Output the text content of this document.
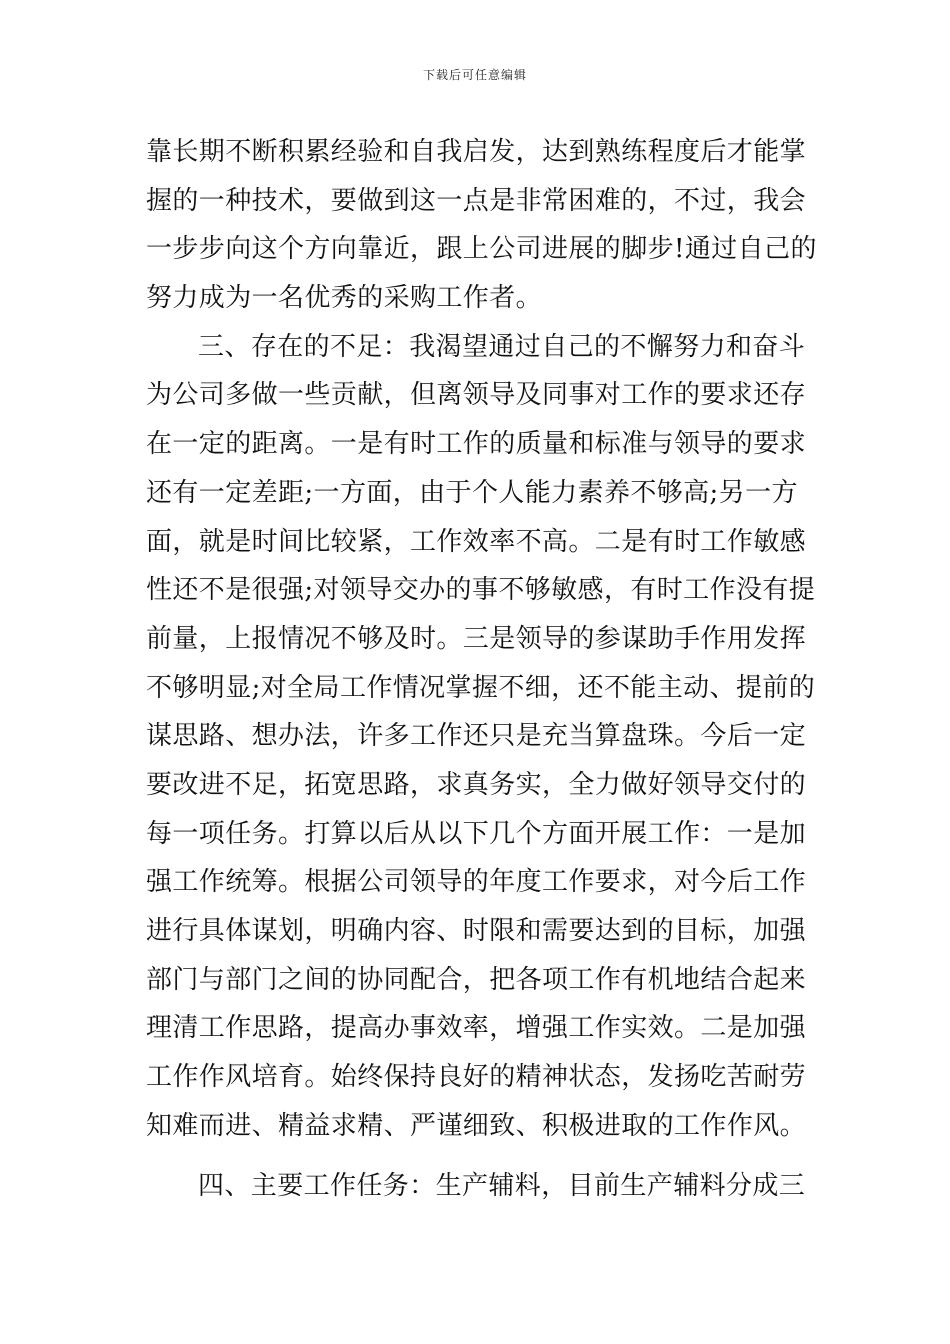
下载后可任意编辑
靠长期不断积累经验和自我启发，达到熟练程度后才能掌
握的一种技术，要做到这一点是非常困难的，不过，我会
一步步向这个方向靠近，跟上公司进展的脚步!通过自己的
努力成为一名优秀的采购工作者。
三、存在的不足：我渴望通过自己的不懈努力和奋斗
为公司多做一些贡献，但离领导及同事对工作的要求还存
在一定的距离。一是有时工作的质量和标准与领导的要求
还有一定差距;一方面，由于个人能力素养不够高;另一方
面，就是时间比较紧，工作效率不高。二是有时工作敏感
性还不是很强;对领导交办的事不够敏感，有时工作没有提
前量，上报情况不够及时。三是领导的参谋助手作用发挥
不够明显;对全局工作情况掌握不细，还不能主动、提前的
谋思路、想办法，许多工作还只是充当算盘珠。今后一定
要改进不足，拓宽思路，求真务实，全力做好领导交付的
每一项任务。打算以后从以下几个方面开展工作：一是加
强工作统筹。根据公司领导的年度工作要求，对今后工作
进行具体谋划，明确内容、时限和需要达到的目标，加强
部门与部门之间的协同配合，把各项工作有机地结合起来
理清工作思路，提高办事效率，增强工作实效。二是加强
工作作风培育。始终保持良好的精神状态，发扬吃苦耐劳
知难而进、精益求精、严谨细致、积极进取的工作作风。
四、主要工作任务：生产辅料，目前生产辅料分成三
